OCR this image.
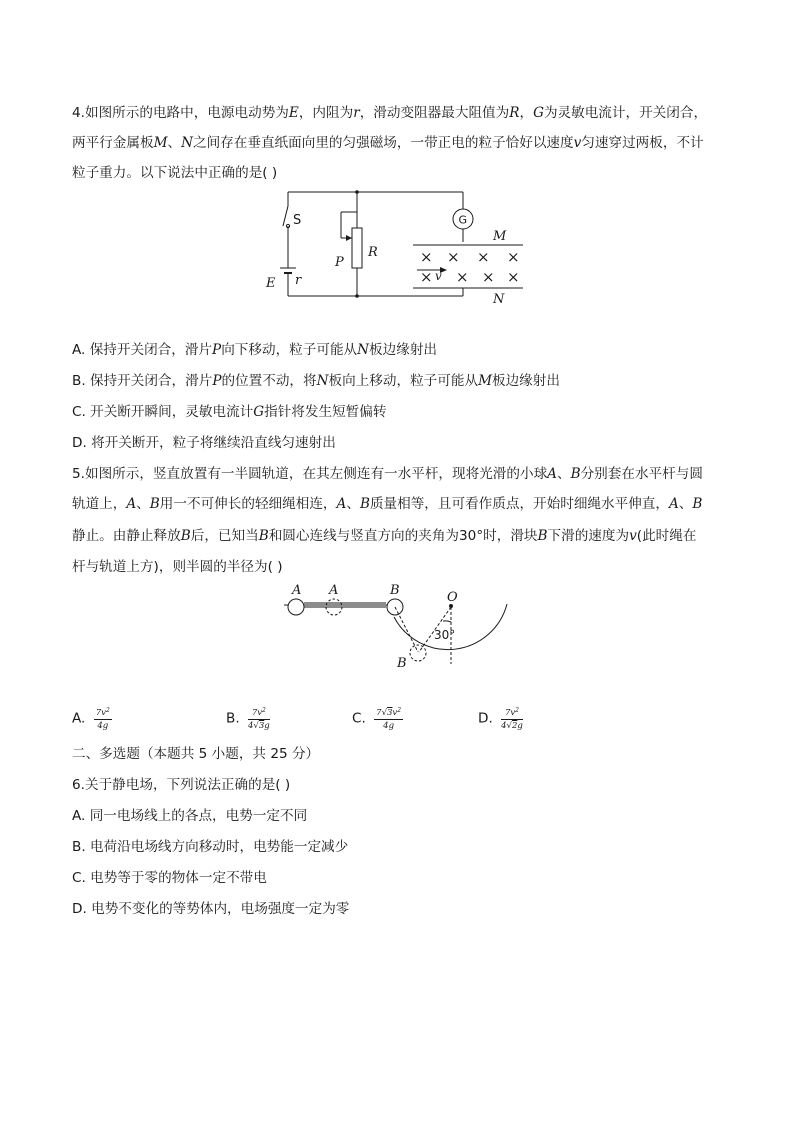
4.如图所示的电路中，电源电动势为E，内阻为r，滑动变阻器最大阻值为R，G为灵敏电流计，开关闭合，
两平行金属板M、N之间存在垂直纸面向里的匀强磁场，一带正电的粒子恰好以速度v匀速穿过两板，不计
粒子重力。以下说法中正确的是( )
S
R
P
G
E r
M
N
v
× × × ×
× × × ×
A. 保持开关闭合，滑片P向下移动，粒子可能从N板边缘射出
B. 保持开关闭合，滑片P的位置不动，将N板向上移动，粒子可能从M板边缘射出
C. 开关断开瞬间，灵敏电流计G指针将发生短暂偏转
D. 将开关断开，粒子将继续沿直线匀速射出
5.如图所示，竖直放置有一半圆轨道，在其左侧连有一水平杆，现将光滑的小球A、B分别套在水平杆与圆
轨道上，A、B用一不可伸长的轻细绳相连，A、B质量相等，且可看作质点，开始时细绳水平伸直，A、B
静止。由静止释放B后，已知当B和圆心连线与竖直方向的夹角为30°时，滑块B下滑的速度为v(此时绳在
杆与轨道上方)，则半圆的半径为( )
A A	B
B
O
30°
A. $\frac{7v^2}{4g}$	B. $\frac{7v^2}{4√3g}$	C. $\frac{7√3v^2}{4g}$	D. $\frac{7v^2}{4√2g}$
二、多选题（本题共 5 小题，共 25 分）
6.关于静电场，下列说法正确的是( )
A. 同一电场线上的各点，电势一定不同
B. 电荷沿电场线方向移动时，电势能一定减少
C. 电势等于零的物体一定不带电
D. 电势不变化的等势体内，电场强度一定为零
